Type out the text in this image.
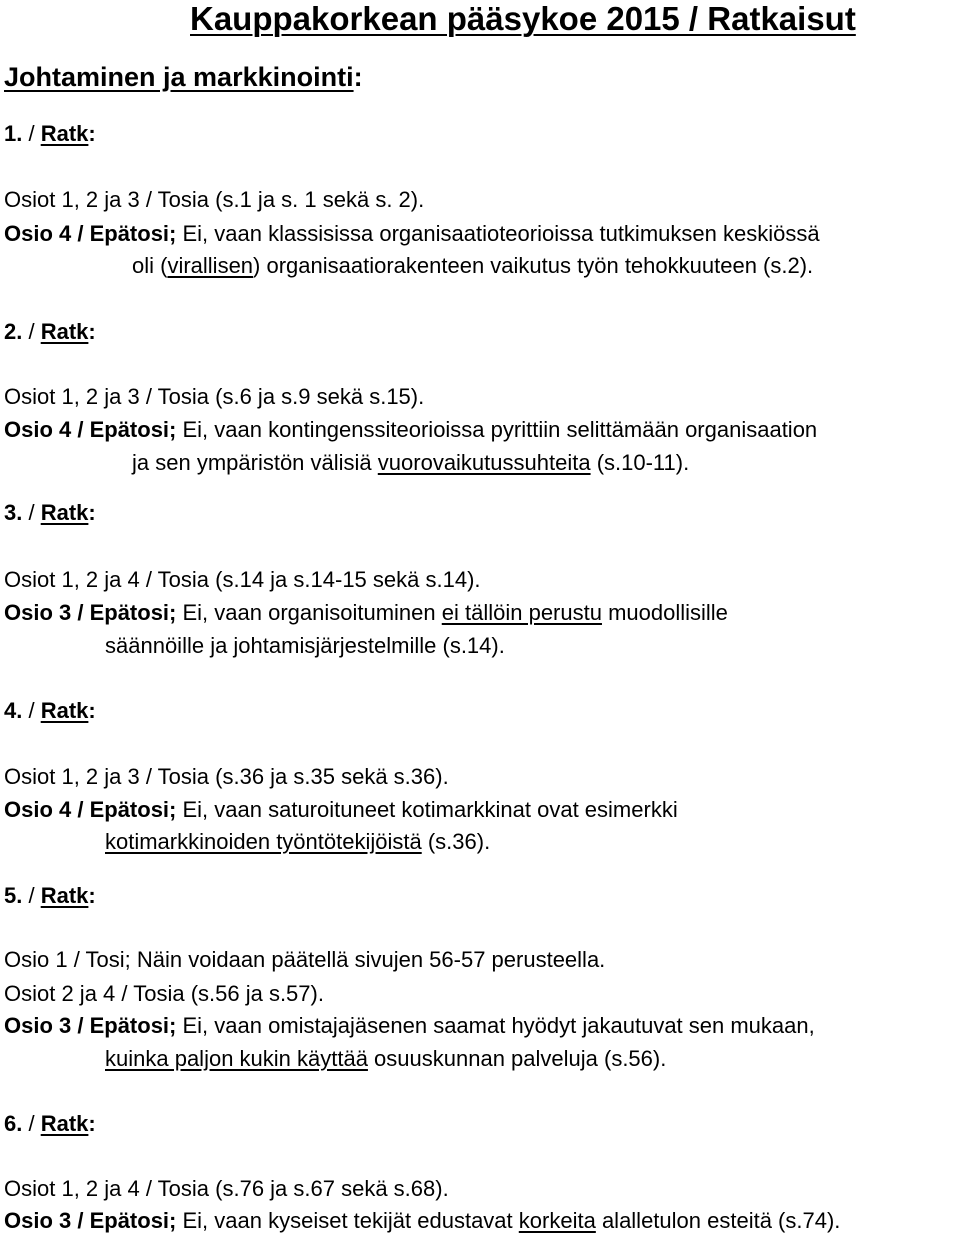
Kauppakorkean pääsykoe 2015 / Ratkaisut
Johtaminen ja markkinointi:
1. / Ratk:
Osiot 1, 2 ja 3 / Tosia (s.1 ja s. 1 sekä s. 2).
Osio 4 / Epätosi; Ei, vaan klassisissa organisaatioteorioissa tutkimuksen keskiössä
oli (virallisen) organisaatiorakenteen vaikutus työn tehokkuuteen (s.2).
2. / Ratk:
Osiot 1, 2 ja 3 / Tosia (s.6 ja s.9 sekä s.15).
Osio 4 / Epätosi; Ei, vaan kontingenssiteorioissa pyrittiin selittämään organisaation
ja sen ympäristön välisiä vuorovaikutussuhteita (s.10-11).
3. / Ratk:
Osiot 1, 2 ja 4 / Tosia (s.14 ja s.14-15 sekä s.14).
Osio 3 / Epätosi; Ei, vaan organisoituminen ei tällöin perustu muodollisille
säännöille ja johtamisjärjestelmille (s.14).
4. / Ratk:
Osiot 1, 2 ja 3 / Tosia (s.36 ja s.35 sekä s.36).
Osio 4 / Epätosi; Ei, vaan saturoituneet kotimarkkinat ovat esimerkki
kotimarkkinoiden työntötekijöistä (s.36).
5. / Ratk:
Osio 1 / Tosi; Näin voidaan päätellä sivujen 56-57 perusteella.
Osiot 2 ja 4 / Tosia (s.56 ja s.57).
Osio 3 / Epätosi; Ei, vaan omistajajäsenen saamat hyödyt jakautuvat sen mukaan,
kuinka paljon kukin käyttää osuuskunnan palveluja (s.56).
6. / Ratk:
Osiot 1, 2 ja 4 / Tosia (s.76 ja s.67 sekä s.68).
Osio 3 / Epätosi; Ei, vaan kyseiset tekijät edustavat korkeita alalletulon esteitä (s.74).
